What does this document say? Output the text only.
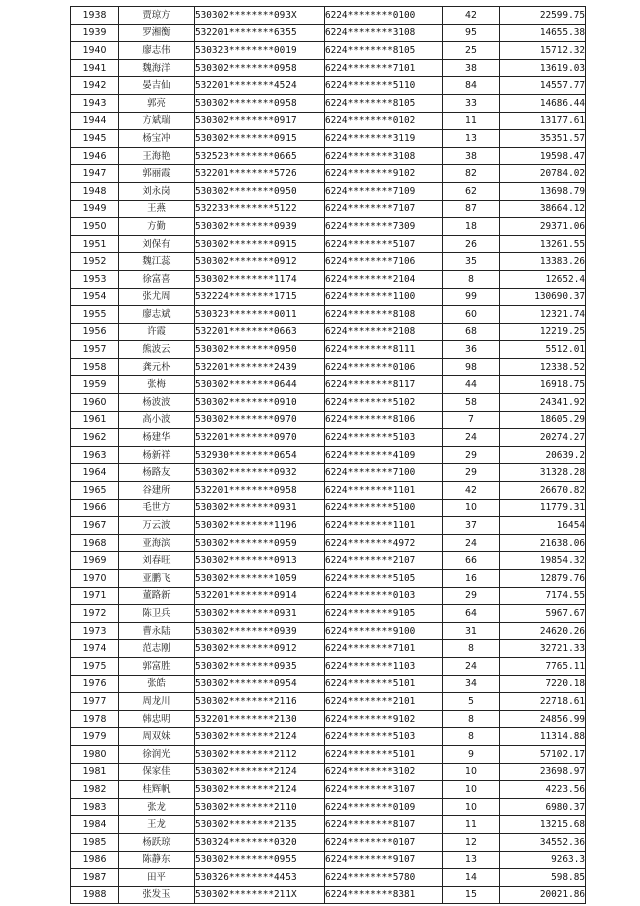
1938	贾琼方	530302********093X	6224********0100	42	22599.75
1939	罗湘衡	532201********6355	6224********3108	95	14655.38
1940	廖志伟	530323********0019	6224********8105	25	15712.32
1941	魏海洋	530302********0958	6224********7101	38	13619.03
1942	晏吉仙	532201********4524	6224********5110	84	14557.77
1943	郭亮	530302********0958	6224********8105	33	14686.44
1944	方斌瑞	530302********0917	6224********0102	11	13177.61
1945	杨宝冲	530302********0915	6224********3119	13	35351.57
1946	王海艳	532523********0665	6224********3108	38	19598.47
1947	郭丽霞	532201********5726	6224********9102	82	20784.02
1948	刘永岗	530302********0950	6224********7109	62	13698.79
1949	王燕	532233********5122	6224********7107	87	38664.12
1950	方勤	530302********0939	6224********7309	18	29371.06
1951	刘保有	530302********0915	6224********5107	26	13261.55
1952	魏江蕊	530302********0912	6224********7106	35	13383.26
1953	徐富喜	530302********1174	6224********2104	8	12652.4
1954	张尤周	532224********1715	6224********1100	99	130690.37
1955	廖志斌	530323********0011	6224********8108	60	12321.74
1956	许霞	532201********0663	6224********2108	68	12219.25
1957	熊波云	530302********0950	6224********8111	36	5512.01
1958	龚元朴	532201********2439	6224********0106	98	12338.52
1959	张梅	530302********0644	6224********8117	44	16918.75
1960	杨波波	530302********0910	6224********5102	58	24341.92
1961	高小波	530302********0970	6224********8106	7	18605.29
1962	杨建华	532201********0970	6224********5103	24	20274.27
1963	杨新祥	532930********0654	6224********4109	29	20639.2
1964	杨路友	530302********0932	6224********7100	29	31328.28
1965	谷建所	532201********0958	6224********1101	42	26670.82
1966	毛世方	530302********0931	6224********5100	10	11779.31
1967	万云波	530302********1196	6224********1101	37	16454
1968	亚海滨	530302********0959	6224********4972	24	21638.06
1969	刘春旺	530302********0913	6224********2107	66	19854.32
1970	亚鹏飞	530302********1059	6224********5105	16	12879.76
1971	董路新	532201********0914	6224********0103	29	7174.55
1972	陈卫兵	530302********0931	6224********9105	64	5967.67
1973	曹永陆	530302********0939	6224********9100	31	24620.26
1974	范志刚	530302********0912	6224********7101	8	32721.33
1975	郭富胜	530302********0935	6224********1103	24	7765.11
1976	张皓	530302********0954	6224********5101	34	7220.18
1977	周龙川	530302********2116	6224********2101	5	22718.61
1978	韩忠明	532201********2130	6224********9102	8	24856.99
1979	周双妹	530302********2124	6224********5103	8	11314.88
1980	徐润光	530302********2112	6224********5101	9	57102.17
1981	保家佳	530302********2124	6224********3102	10	23698.97
1982	桂辉帆	530302********2124	6224********3107	10	4223.56
1983	张龙	530302********2110	6224********0109	10	6980.37
1984	王龙	530302********2135	6224********8107	11	13215.68
1985	杨跃琼	530324********0320	6224********0107	12	34552.36
1986	陈静东	530302********0955	6224********9107	13	9263.3
1987	田平	530326********4453	6224********5780	14	598.85
1988	张发玉	530302********211X	6224********8381	15	20021.86
